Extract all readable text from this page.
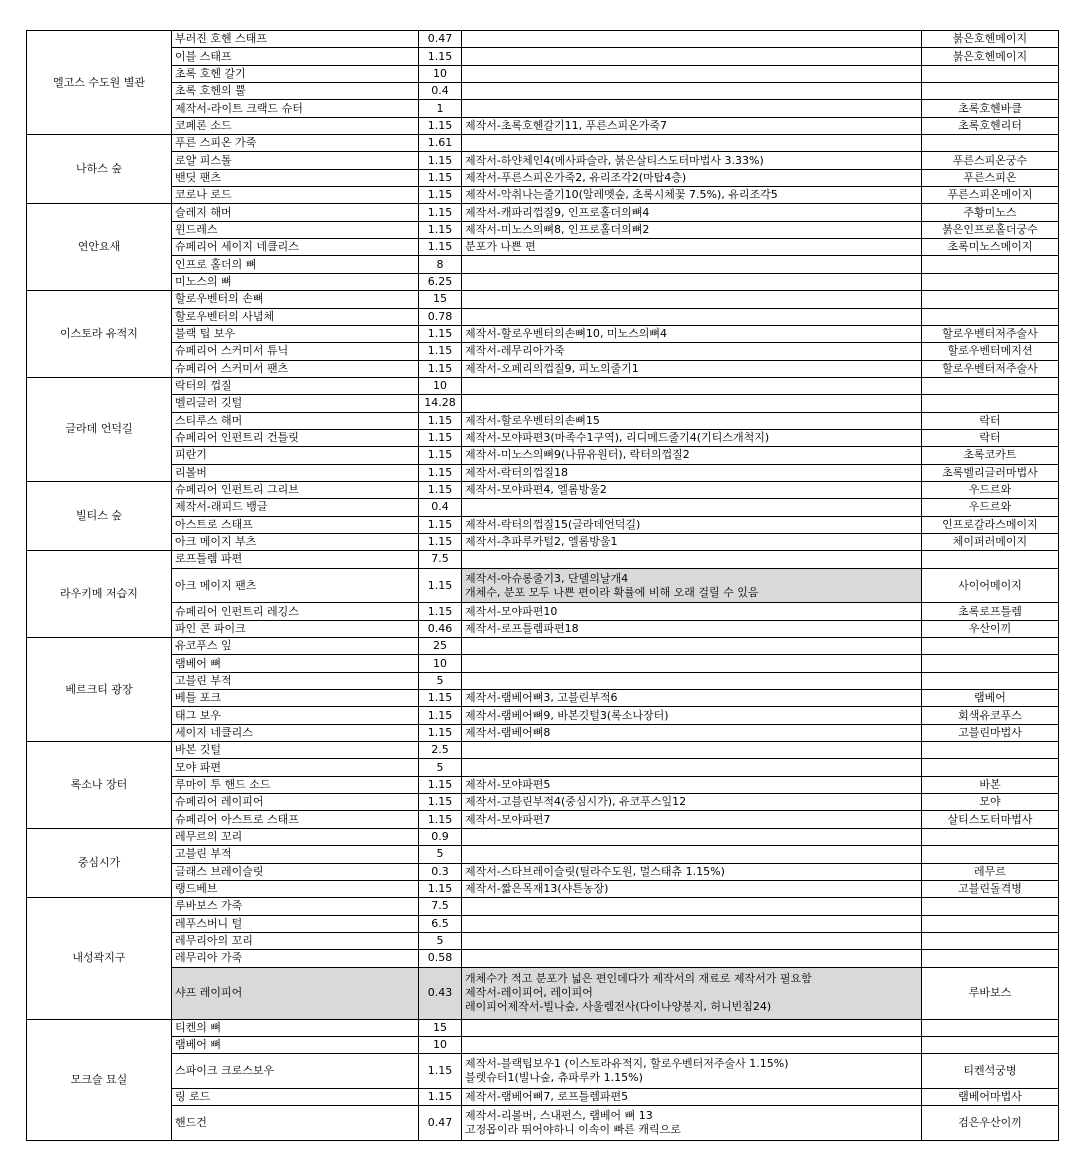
엘고스 수도원 별관	부러진 호헨 스태프	0.47		붉은호헨메이지
	이블 스태프	1.15		붉은호헨메이지
	초록 호헨 갈기	10		
	초록 호헨의 뿔	0.4		
	제작서-라이트 크랙드 슈터	1		초록호헨바클
	코페론 소드	1.15	제작서-초록호헨갈기11, 푸른스피온가죽7	초록호헨리터
나하스 숲	푸른 스피온 가죽	1.61		
	로얄 피스톨	1.15	제작서-하얀체인4(메사파슬라, 붉은살티스도터마법사 3.33%)	푸른스피온궁수
	밴딧 팬츠	1.15	제작서-푸른스피온가죽2, 유리조각2(마탑4층)	푸른스피온
	코로나 로드	1.15	제작서-악취나는줄기10(알레멧숲, 초록시체꽃 7.5%), 유리조각5	푸른스피온메이지
연안요새	슬레지 해머	1.15	제작서-캐파리껍질9, 인프로홀더의뼈4	주황미노스
	윈드레스	1.15	제작서-미노스의뼈8, 인프로홀더의뼈2	붉은인프로홀더궁수
	슈페리어 세이지 네클리스	1.15	분포가 나쁜 편	초록미노스메이지
	인프로 홀더의 뼈	8		
	미노스의 뼈	6.25		
이스토라 유적지	할로우벤터의 손뼈	15		
	할로우벤터의 사념체	0.78		
	블랙 팁 보우	1.15	제작서-할로우벤터의손뼈10, 미노스의뼈4	할로우벤터저주술사
	슈페리어 스커미서 튜닉	1.15	제작서-레무리아가죽	할로우벤터메지션
	슈페리어 스커미서 팬츠	1.15	제작서-오페리의껍질9, 피노의줄기1	할로우벤터저주술사
글라데 언덕길	락터의 껍질	10		
	벨리글러 깃털	14.28		
	스티루스 해머	1.15	제작서-할로우벤터의손뼈15	락터
	슈페리어 인펀트리 건틀릿	1.15	제작서-모야파편3(마족수1구역), 리디메드줄기4(기티스개척지)	락터
	피란기	1.15	제작서-미노스의뼈9(나뮤유원터), 락터의껍질2	초록코카트
	리볼버	1.15	제작서-락터의껍질18	초록벨리글러마법사
빌티스 숲	슈페리어 인펀트리 그리브	1.15	제작서-모야파편4, 엘롬방울2	우드르와
	제작서-래피드 뱅글	0.4		우드르와
	아스트로 스태프	1.15	제작서-락터의껍질15(글라데언덕길)	인프로갈라스메이지
	아크 메이지 부츠	1.15	제작서-추파루카털2, 엘롬방울1	체이퍼러메이지
라우키메 저습지	로프틀렘 파편	7.5		
	아크 메이지 팬츠	1.15	제작서-아슈롱줄기3, 단델의날개4
개체수, 분포 모두 나쁜 편이라 확률에 비해 오래 걸릴 수 있음	사이어메이지
	슈페리어 인펀트리 레깅스	1.15	제작서-모야파편10	초록로프틀렘
	파인 콘 파이크	0.46	제작서-로프틀렘파편18	우산이끼
베르크티 광장	유코푸스 잎	25		
	램베어 뼈	10		
	고블린 부적	5		
	베틀 포크	1.15	제작서-램베어뼈3, 고블린부적6	램베어
	태그 보우	1.15	제작서-램베어뼈9, 바본깃털3(록소나장터)	회색유코푸스
	세이지 네클리스	1.15	제작서-램베어뼈8	고블린마법사
록소나 장터	바본 깃털	2.5		
	모야 파편	5		
	루마이 투 핸드 소드	1.15	제작서-모야파편5	바본
	슈페리어 레이피어	1.15	제작서-고블린부적4(중심시가), 유코푸스잎12	모야
	슈페리어 아스트로 스태프	1.15	제작서-모야파편7	살티스도터마법사
중심시가	레무르의 꼬리	0.9		
	고블린 부적	5		
	글래스 브레이슬릿	0.3	제작서-스타브레이슬릿(틸라수도원, 멀스태츄 1.15%)	레무르
	랭드베브	1.15	제작서-짧은목재13(샤튼농장)	고블린돌격병
내성곽지구	루바보스 가죽	7.5		
	레푸스버니 털	6.5		
	레무리아의 꼬리	5		
	레무리아 가죽	0.58		
	샤프 레이피어	0.43	개체수가 적고 분포가 넓은 편인데다가 제작서의 재료로 제작서가 필요함
제작서-레이피어, 레이피어
레이피어제작서-빌나숲, 사울렘전사(다이나양봉지, 허니빈침24)	루바보스
모크슬 묘실	티켄의 뼈	15		
	램베어 뼈	10		
	스파이크 크로스보우	1.15	제작서-블랙팁보우1 (이스토라유적지, 할로우벤터저주술사 1.15%)
블렛슈터1(빌나숲, 츄파루카 1.15%)	티켄석궁병
	링 로드	1.15	제작서-램베어뼈7, 로프틀렘파편5	램베어마법사
	핸드건	0.47	제작서-리볼버, 스내펀스, 램베어 뼈 13
고정몹이라 뛰어야하니 이속이 빠른 캐릭으로	검은우산이끼
